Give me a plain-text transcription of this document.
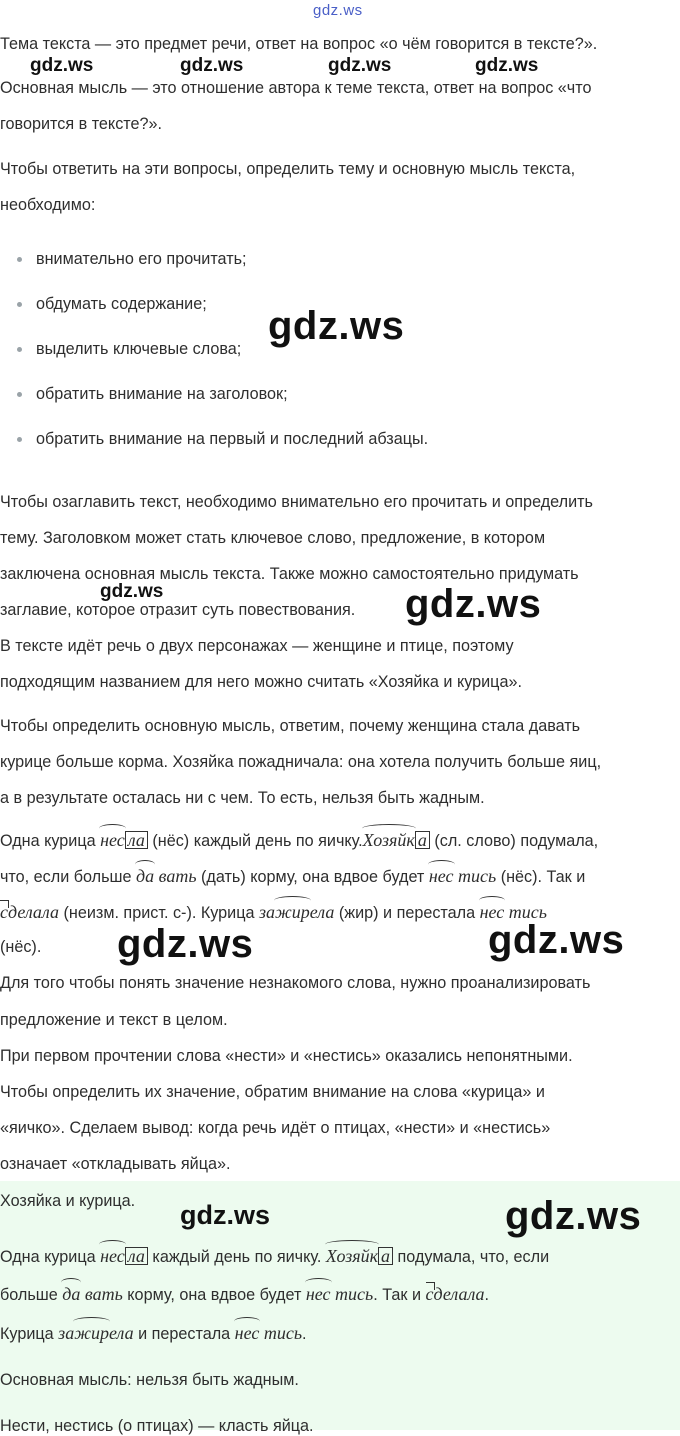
gdz.ws
Тема текста — это предмет речи, ответ на вопрос «о чём говорится в тексте?».
gdz.ws	gdz.ws	gdz.ws	gdz.ws
Основная мысль — это отношение автора к теме текста, ответ на вопрос «что
говорится в тексте?».
Чтобы ответить на эти вопросы, определить тему и основную мысль текста,
необходимо:
внимательно его прочитать;
обдумать содержание;
выделить ключевые слова;
обратить внимание на заголовок;
обратить внимание на первый и последний абзацы.
gdz.ws
Чтобы озаглавить текст, необходимо внимательно его прочитать и определить
тему. Заголовком может стать ключевое слово, предложение, в котором
заключена основная мысль текста. Также можно самостоятельно придумать
gdz.ws
заглавие, которое отразит суть повествования. gdz.ws
В тексте идёт речь о двух персонажах — женщине и птице, поэтому
подходящим названием для него можно считать «Хозяйка и курица».
Чтобы определить основную мысль, ответим, почему женщина стала давать
курице больше корма. Хозяйка пожадничала: она хотела получить больше яиц,
а в результате осталась ни с чем. То есть, нельзя быть жадным.
Одна курица нес ла (нёс) каждый день по яичку.Хозяйк а (сл. слово) подумала,
что, если больше да вать (дать) корму, она вдвое будет нес тись (нёс). Так и
сделала (неизм. прист. с-). Курица зажирела (жир) и перестала нес тись
(нёс). gdz.ws	gdz.ws
Для того чтобы понять значение незнакомого слова, нужно проанализировать
предложение и текст в целом.
При первом прочтении слова «нести» и «нестись» оказались непонятными.
Чтобы определить их значение, обратим внимание на слова «курица» и
«яичко». Сделаем вывод: когда речь идёт о птицах, «нести» и «нестись»
означает «откладывать яйца».
Хозяйка и курица. gdz.ws	gdz.ws
Одна курица нес ла каждый день по яичку. Хозяйк а подумала, что, если
больше да вать корму, она вдвое будет нес тись. Так и сделала.
Курица зажирела и перестала нес тись.
Основная мысль: нельзя быть жадным.
Нести, нестись (о птицах) — класть яйца.
